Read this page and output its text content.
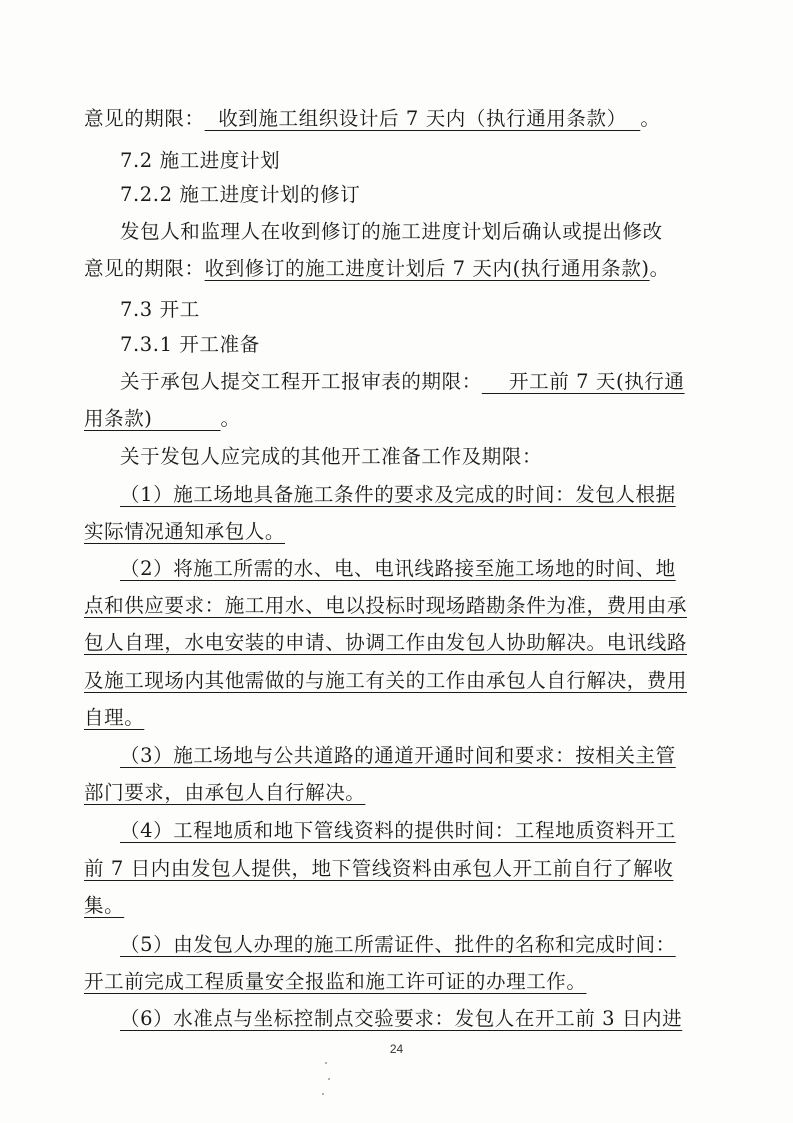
意见的期限：  收到施工组织设计后 7 天内（执行通用条款）  。
7.2 施工进度计划
7.2.2 施工进度计划的修订
发包人和监理人在收到修订的施工进度计划后确认或提出修改
意见的期限：收到修订的施工进度计划后 7 天内(执行通用条款)。
7.3 开工
7.3.1 开工准备
关于承包人提交工程开工报审表的期限：    开工前 7 天(执行通
用条款)          。
关于发包人应完成的其他开工准备工作及期限：
（1）施工场地具备施工条件的要求及完成的时间：发包人根据
实际情况通知承包人。
（2）将施工所需的水、电、电讯线路接至施工场地的时间、地
点和供应要求：施工用水、电以投标时现场踏勘条件为准，费用由承
包人自理，水电安装的申请、协调工作由发包人协助解决。电讯线路
及施工现场内其他需做的与施工有关的工作由承包人自行解决，费用
自理。
（3）施工场地与公共道路的通道开通时间和要求：按相关主管
部门要求，由承包人自行解决。
（4）工程地质和地下管线资料的提供时间：工程地质资料开工
前 7 日内由发包人提供，地下管线资料由承包人开工前自行了解收
集。
（5）由发包人办理的施工所需证件、批件的名称和完成时间：
开工前完成工程质量安全报监和施工许可证的办理工作。
（6）水准点与坐标控制点交验要求：发包人在开工前 3 日内进
24
